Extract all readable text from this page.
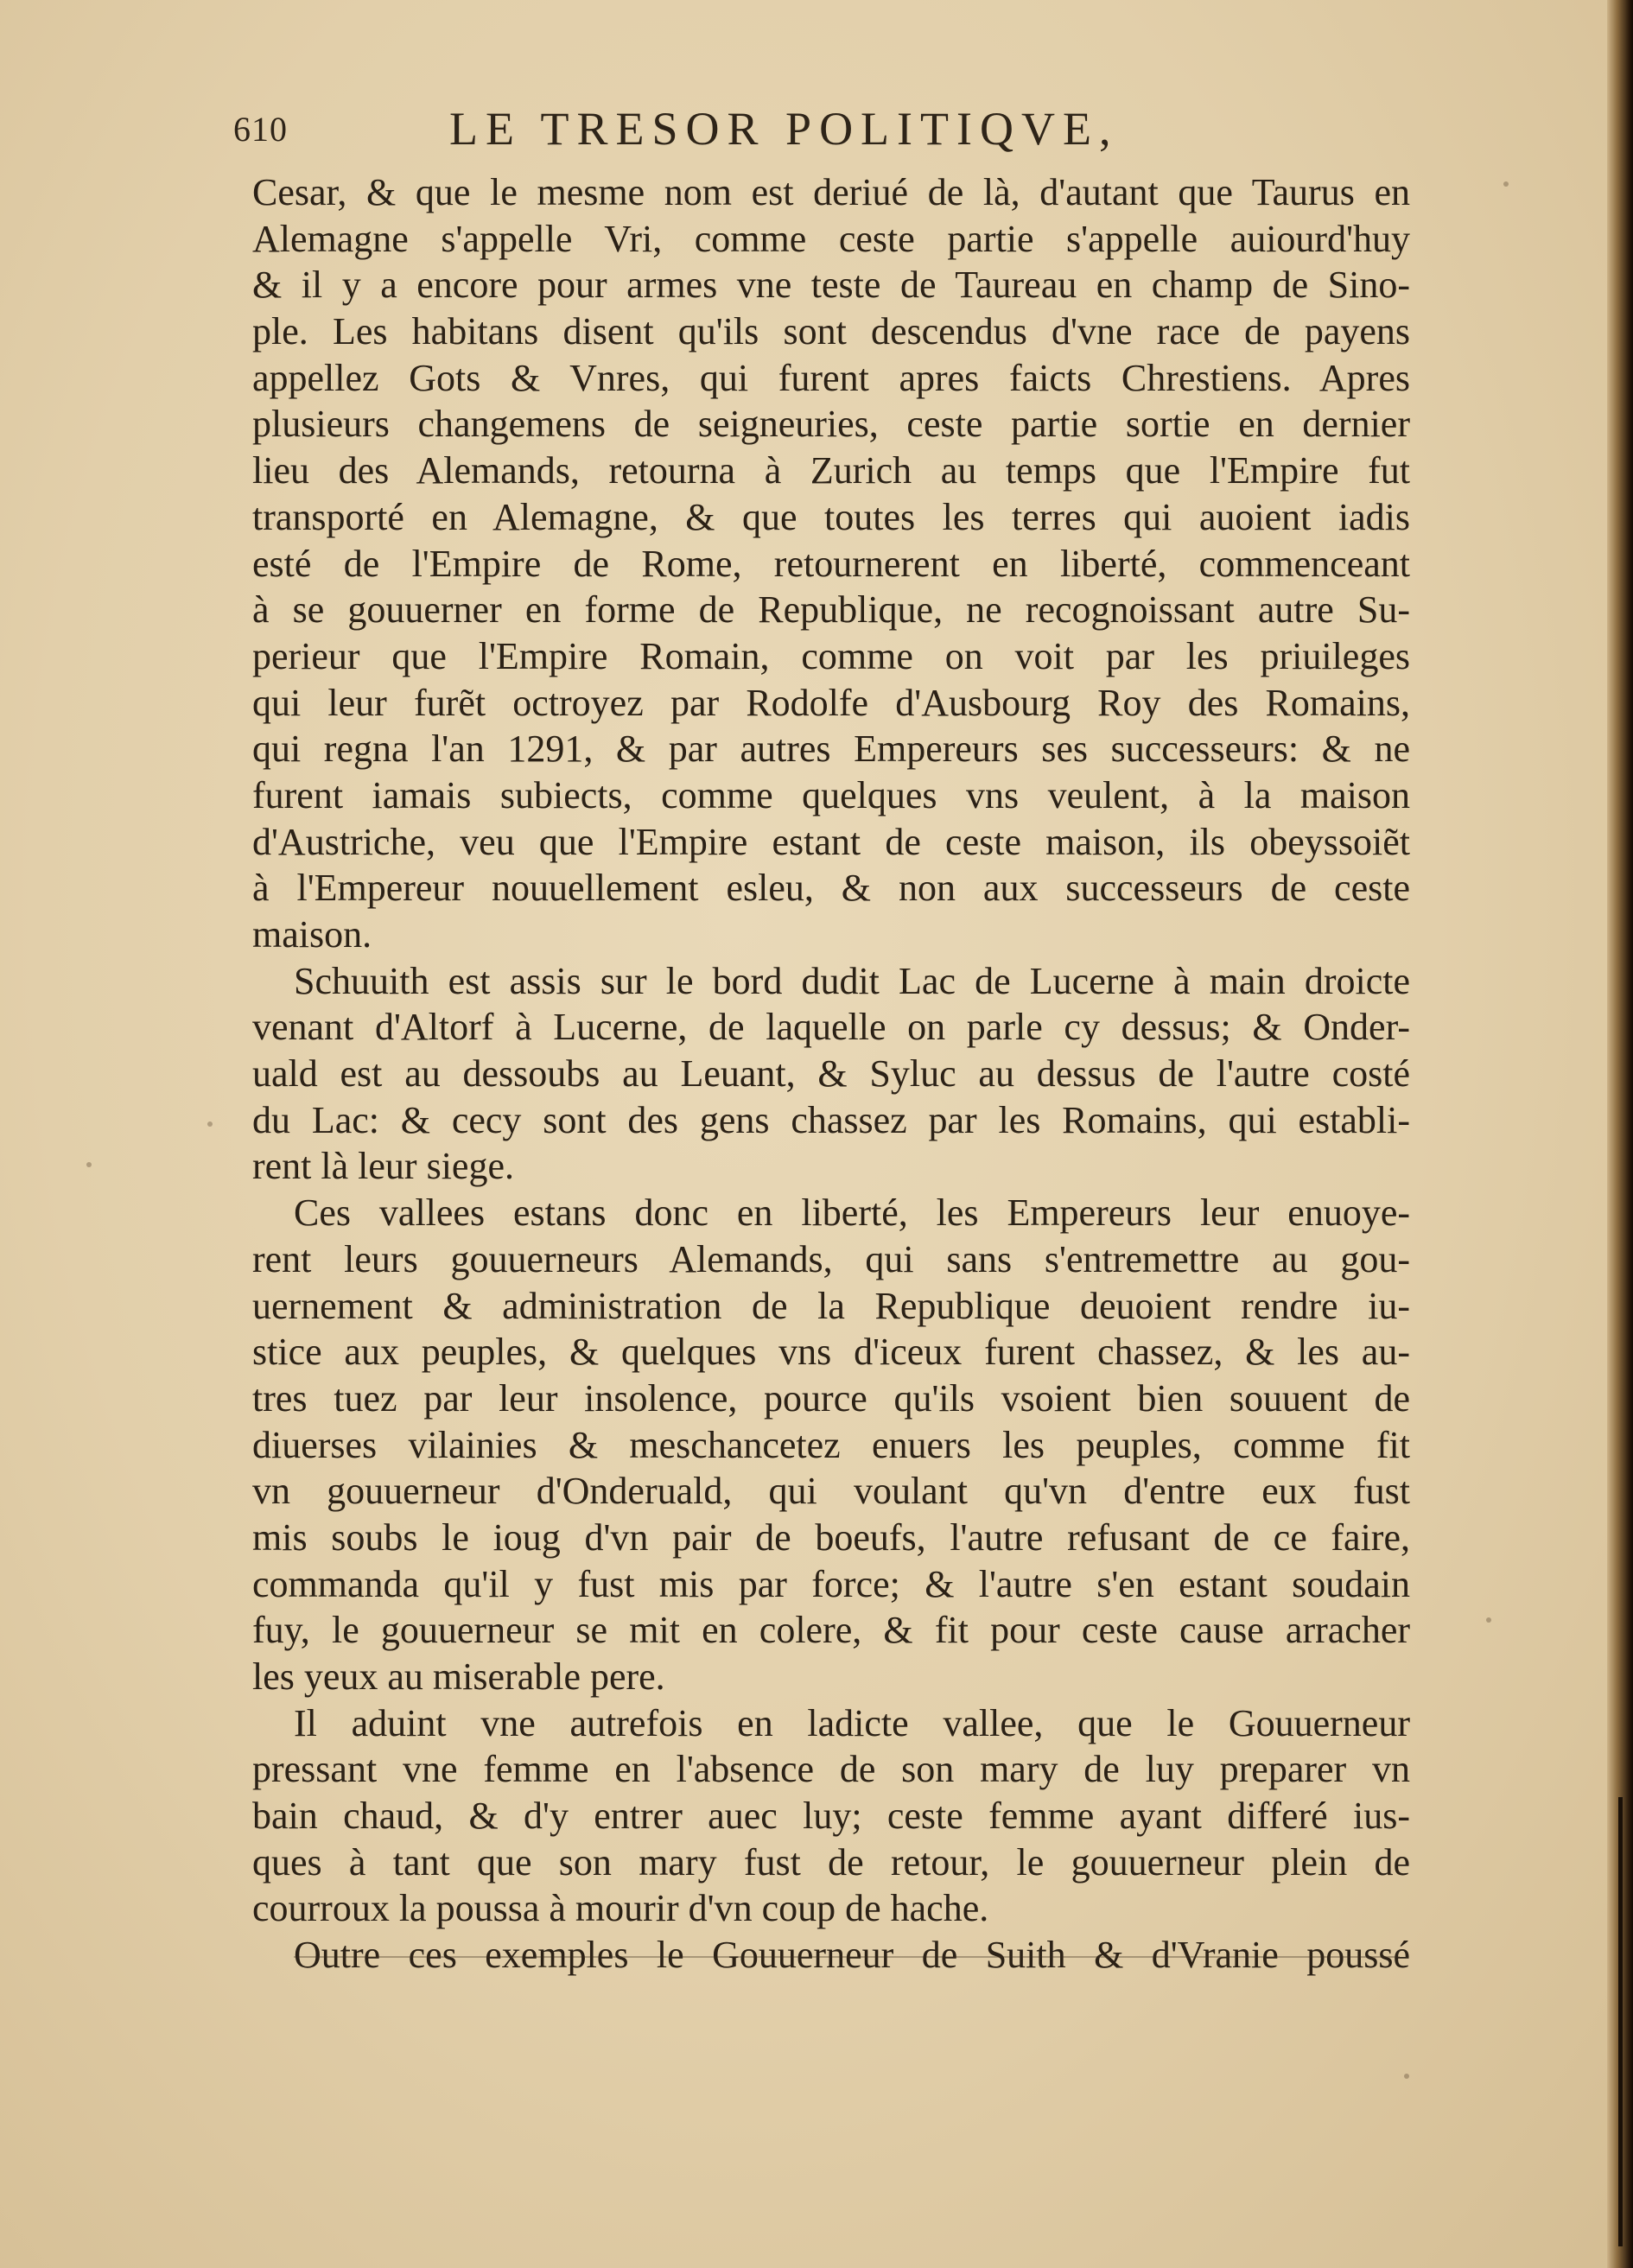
610	LE TRESOR POLITIQVE,
Cesar, & que le mesme nom est deriué de là, d'autant que Taurus en
Alemagne s'appelle Vri, comme ceste partie s'appelle auiourd'huy
& il y a encore pour armes vne teste de Taureau en champ de Sino-
ple. Les habitans disent qu'ils sont descendus d'vne race de payens
appellez Gots & Vnres, qui furent apres faicts Chrestiens. Apres
plusieurs changemens de seigneuries, ceste partie sortie en dernier
lieu des Alemands, retourna à Zurich au temps que l'Empire fut
transporté en Alemagne, & que toutes les terres qui auoient iadis
esté de l'Empire de Rome, retournerent en liberté, commenceant
à se gouuerner en forme de Republique, ne recognoissant autre Su-
perieur que l'Empire Romain, comme on voit par les priuileges
qui leur furẽt octroyez par Rodolfe d'Ausbourg Roy des Romains,
qui regna l'an 1291, & par autres Empereurs ses successeurs: & ne
furent iamais subiects, comme quelques vns veulent, à la maison
d'Austriche, veu que l'Empire estant de ceste maison, ils obeyssoiẽt
à l'Empereur nouuellement esleu, & non aux successeurs de ceste
maison.
Schuuith est assis sur le bord dudit Lac de Lucerne à main droicte
venant d'Altorf à Lucerne, de laquelle on parle cy dessus; & Onder-
uald est au dessoubs au Leuant, & Syluc au dessus de l'autre costé
du Lac: & cecy sont des gens chassez par les Romains, qui establi-
rent là leur siege.
Ces vallees estans donc en liberté, les Empereurs leur enuoye-
rent leurs gouuerneurs Alemands, qui sans s'entremettre au gou-
uernement & administration de la Republique deuoient rendre iu-
stice aux peuples, & quelques vns d'iceux furent chassez, & les au-
tres tuez par leur insolence, pource qu'ils vsoient bien souuent de
diuerses vilainies & meschancetez enuers les peuples, comme fit
vn gouuerneur d'Onderuald, qui voulant qu'vn d'entre eux fust
mis soubs le ioug d'vn pair de boeufs, l'autre refusant de ce faire,
commanda qu'il y fust mis par force; & l'autre s'en estant soudain
fuy, le gouuerneur se mit en colere, & fit pour ceste cause arracher
les yeux au miserable pere.
Il aduint vne autrefois en ladicte vallee, que le Gouuerneur
pressant vne femme en l'absence de son mary de luy preparer vn
bain chaud, & d'y entrer auec luy; ceste femme ayant differé ius-
ques à tant que son mary fust de retour, le gouuerneur plein de
courroux la poussa à mourir d'vn coup de hache.
Outre ces exemples le Gouuerneur de Suith & d'Vranie poussé
